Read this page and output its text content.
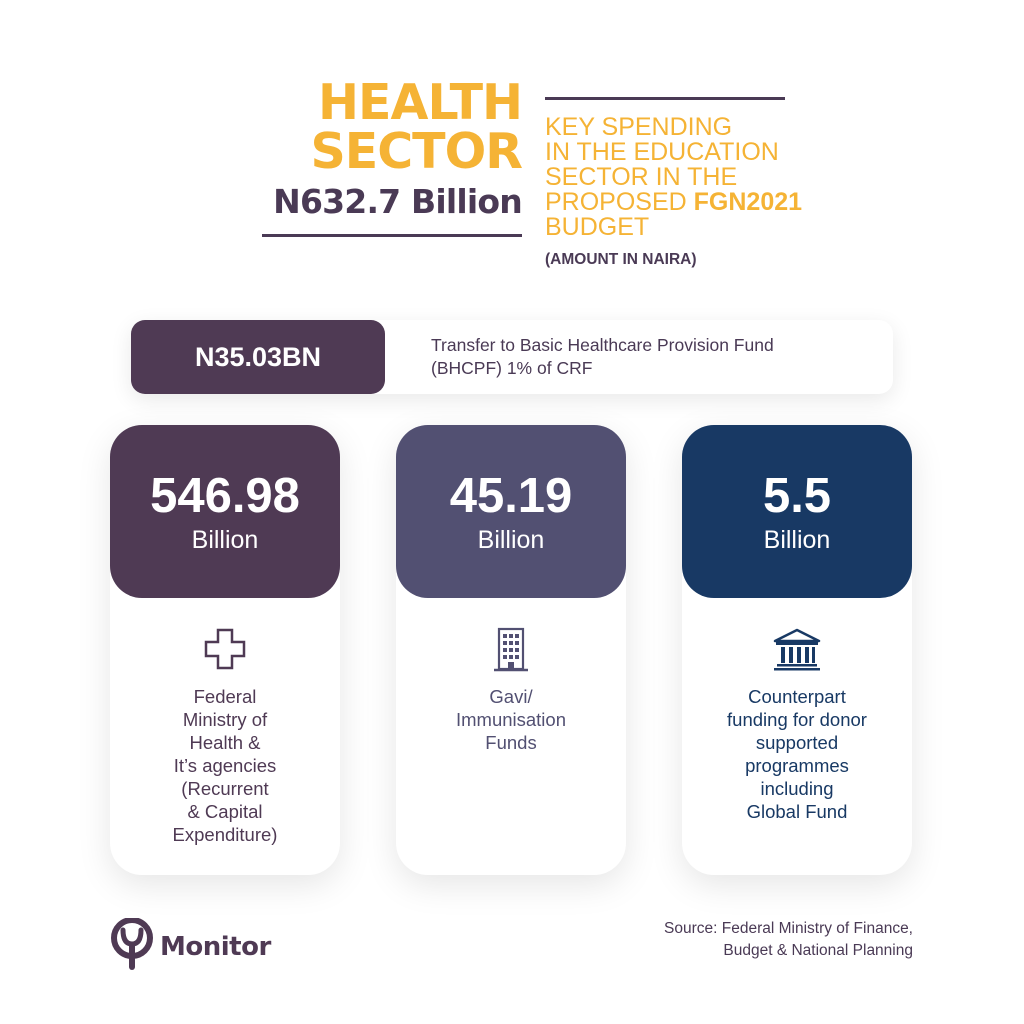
HEALTH
SECTOR
N632.7 Billion
KEY SPENDING
IN THE EDUCATION
SECTOR IN THE
PROPOSED FGN2021
BUDGET
(AMOUNT IN NAIRA)
N35.03BN	Transfer to Basic Healthcare Provision Fund
(BHCPF) 1% of CRF
546.98
Billion
Federal
Ministry of
Health &
It’s agencies
(Recurrent
& Capital
Expenditure)
45.19
Billion
Gavi/
Immunisation
Funds
5.5
Billion
Counterpart
funding for donor
supported
programmes
including
Global Fund
Monitor
Source: Federal Ministry of Finance,
Budget & National Planning
